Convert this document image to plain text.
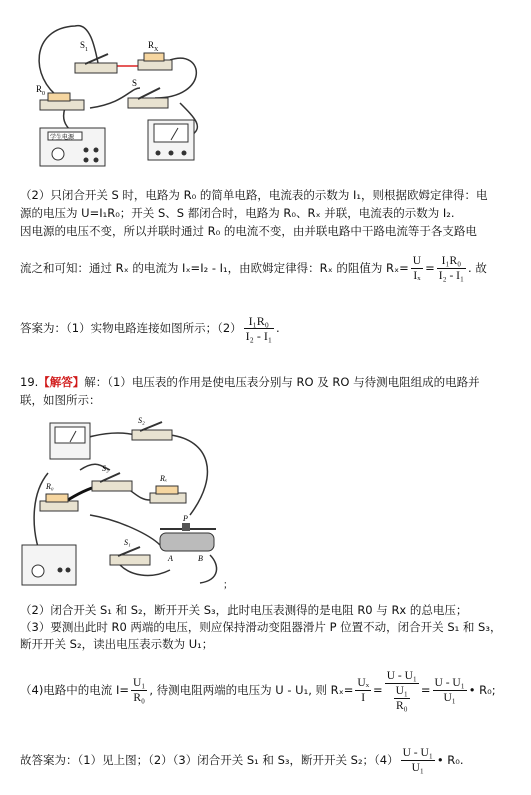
$S_1$	$R_X$
$R_0$
S
学生电源
（2）只闭合开关 S 时，电路为 R₀ 的简单电路，电流表的示数为 I₁，则根据欧姆定律得：电
源的电压为 U=I₁R₀；开关 S、S 都闭合时，电路为 R₀、Rₓ 并联，电流表的示数为 I₂.
因电源的电压不变，所以并联时通过 R₀ 的电流不变，由并联电路中干路电流等于各支路电
流之和可知：通过 Rₓ 的电流为 Iₓ=I₂ - I₁，由欧姆定律得：Rₓ 的阻值为 $R_x= \frac{U}{\text{Iₓ}} = \frac{\text{I₁R₀}}{\text{I₂ - I₁}}$ . 故
答案为：（1）实物电路连接如图所示；$(2) \frac{\text{I₁R₀}}{\text{I₂ - I₁}}$ .
19.【解答】解：（1）电压表的作用是使电压表分别与 RO 及 RO 与待测电阻组成的电路并
联，如图所示：
S₂
S₃
Rₓ
R₀
P
A	B
S₁
；
（2）闭合开关 S₁ 和 S₂，断开开关 S₃，此时电压表测得的是电阻 R0 与 Rx 的总电压；
（3）要测出此时 R0 两端的电压，则应保持滑动变阻器滑片 P 位置不动，闭合开关 S₁ 和 S₃，
断开开关 S₂，读出电压表示数为 U₁；
（4)电路中的电流 $I= \frac{\text{U₁}}{\text{R₀}}$ , 待测电阻两端的电压为 U - U₁, 则 $R_x= \frac{\text{Uₓ}}{I} = \frac{\text{U - U₁}}{\frac{\text{U₁}}{\text{R₀}}} = \frac{\text{U - U₁}}{\text{U₁}}$ • R₀;
故答案为：（1）见上图；（2）（3）闭合开关 S₁ 和 S₃，断开开关 S₂；$(4) \frac{\text{U - U₁}}{\text{U₁}}$ • R₀.
